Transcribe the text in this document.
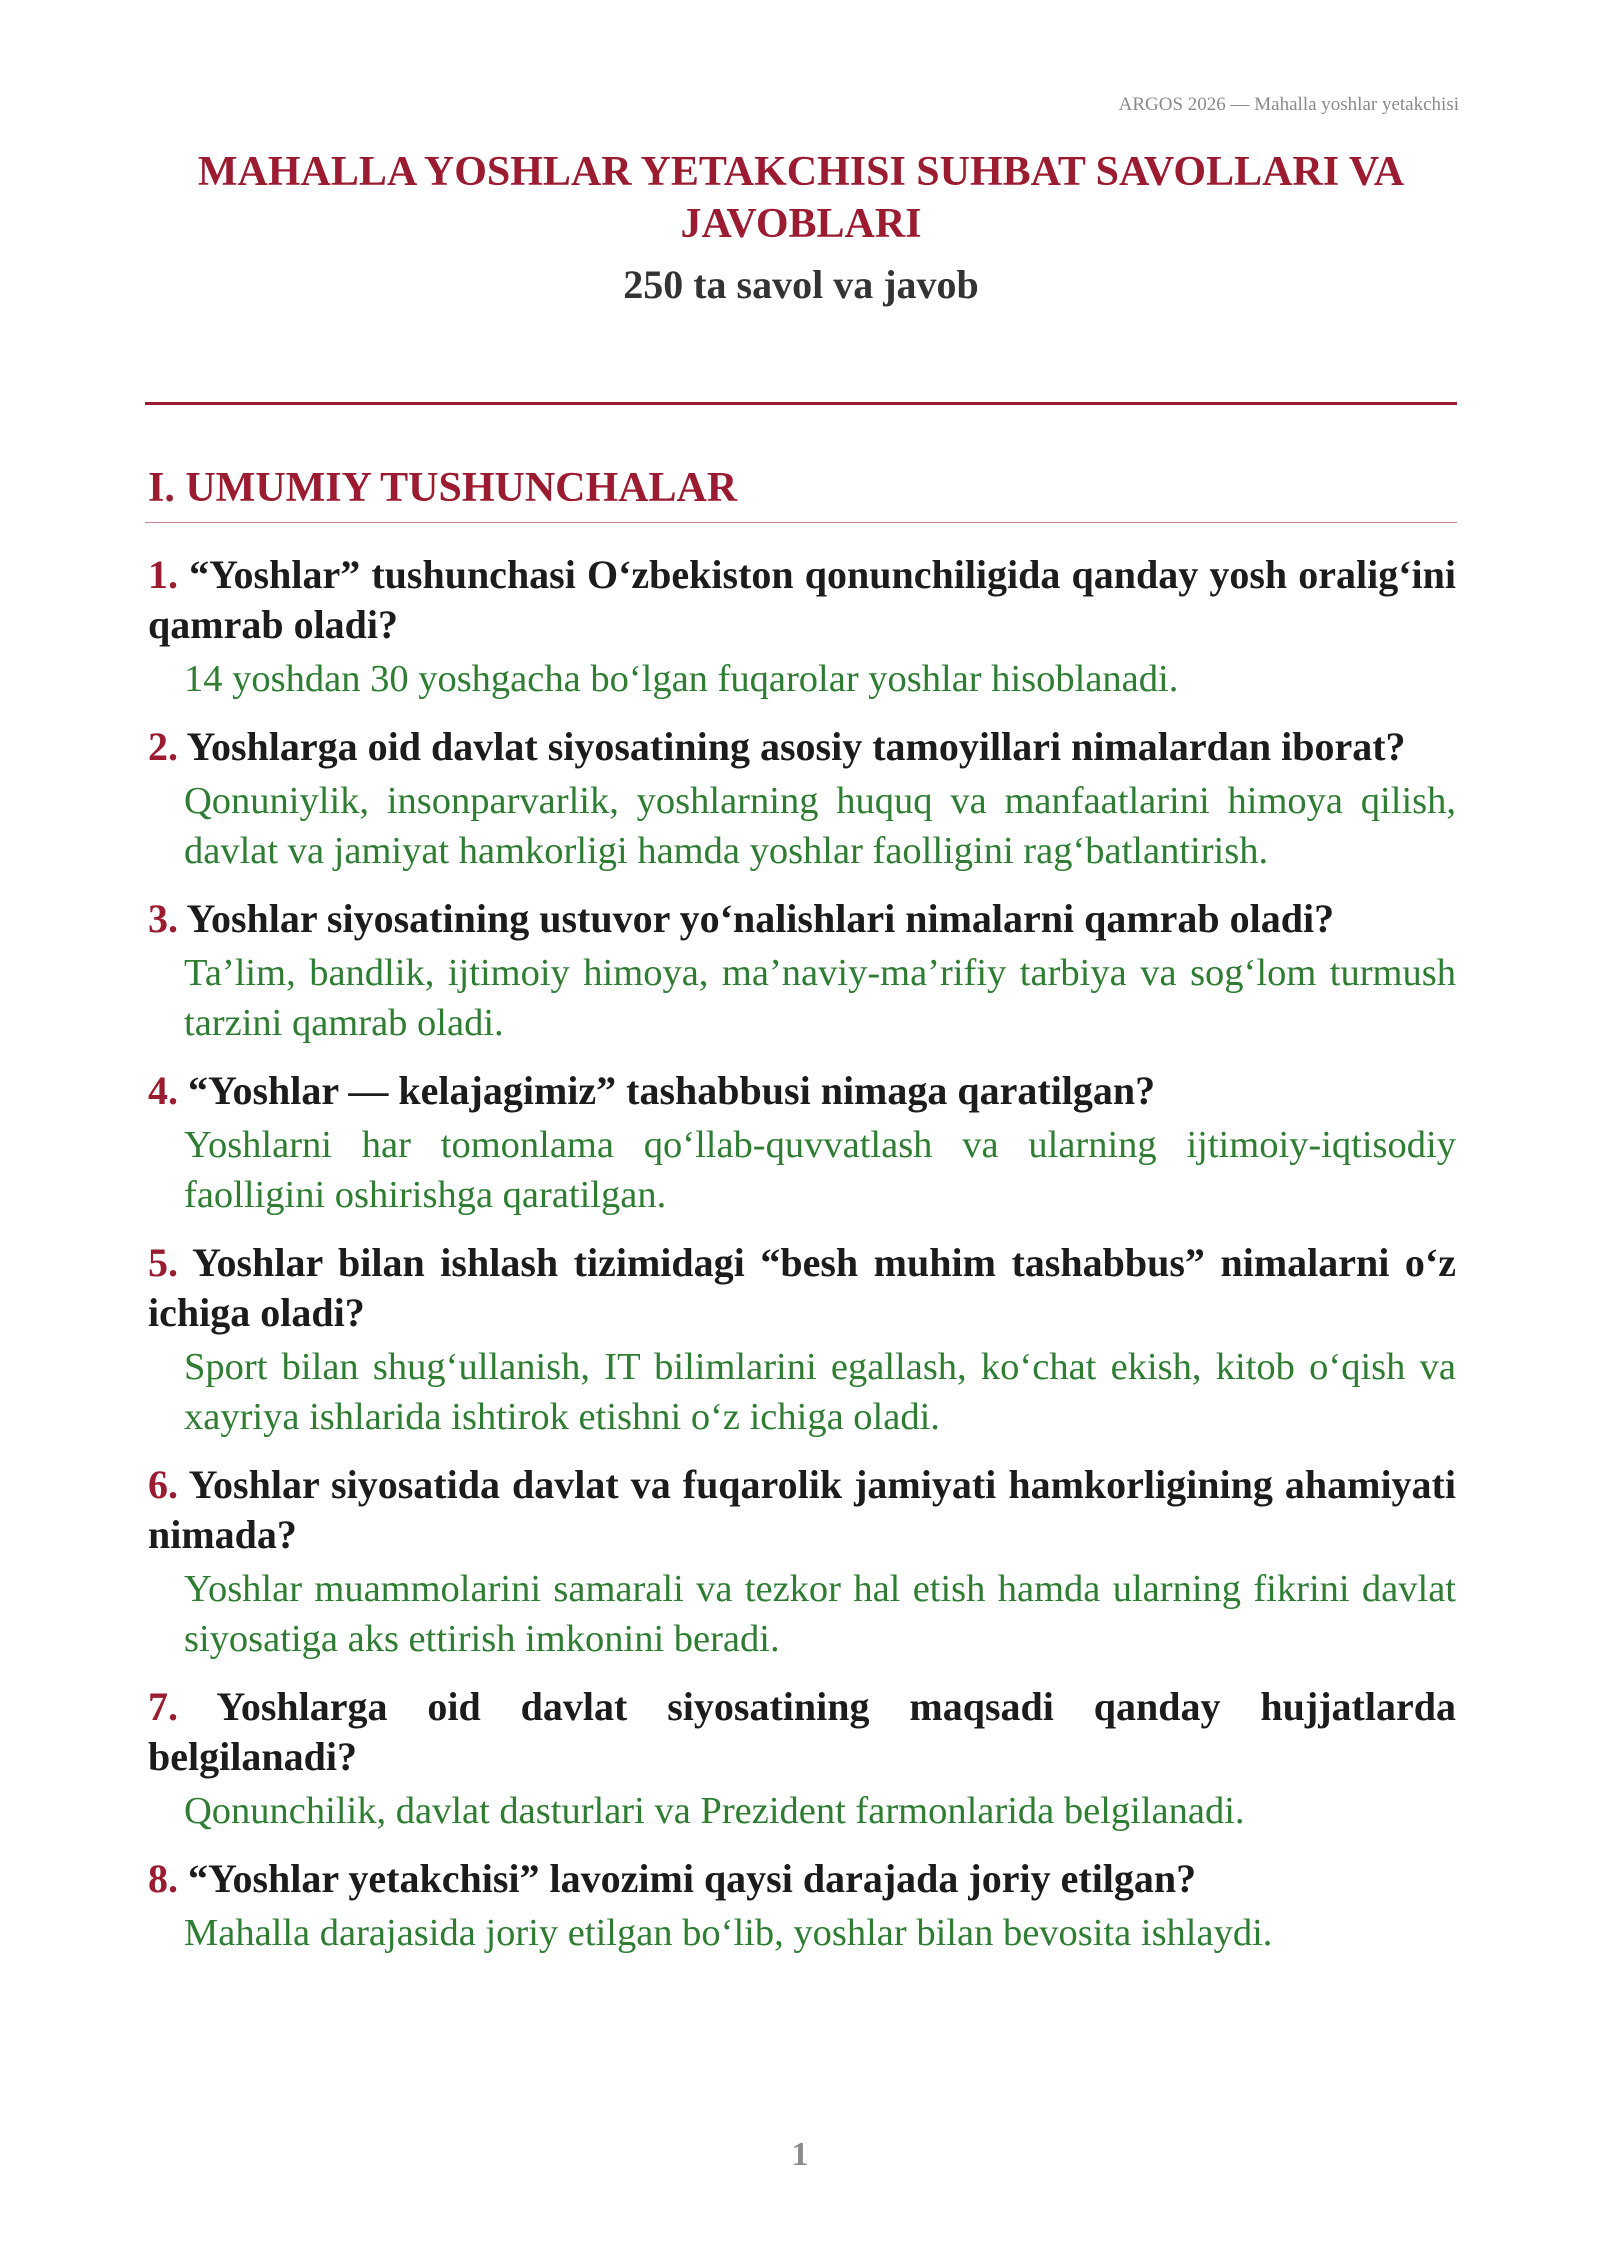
ARGOS 2026 — Mahalla yoshlar yetakchisi
MAHALLA YOSHLAR YETAKCHISI SUHBAT SAVOLLARI VA JAVOBLARI
250 ta savol va javob
I. UMUMIY TUSHUNCHALAR

1. “Yoshlar” tushunchasi O‘zbekiston qonunchiligida qanday yosh oralig‘ini qamrab oladi?

14 yoshdan 30 yoshgacha bo‘lgan fuqarolar yoshlar hisoblanadi.

2. Yoshlarga oid davlat siyosatining asosiy tamoyillari nimalardan iborat?

Qonuniylik, insonparvarlik, yoshlarning huquq va manfaatlarini himoya qilish, davlat va jamiyat hamkorligi hamda yoshlar faolligini rag‘batlantirish.

3. Yoshlar siyosatining ustuvor yo‘nalishlari nimalarni qamrab oladi?

Ta’lim, bandlik, ijtimoiy himoya, ma’naviy-ma’rifiy tarbiya va sog‘lom turmush tarzini qamrab oladi.

4. “Yoshlar — kelajagimiz” tashabbusi nimaga qaratilgan?

Yoshlarni har tomonlama qo‘llab-quvvatlash va ularning ijtimoiy-iqtisodiy faolligini oshirishga qaratilgan.

5. Yoshlar bilan ishlash tizimidagi “besh muhim tashabbus” nimalarni o‘z ichiga oladi?

Sport bilan shug‘ullanish, IT bilimlarini egallash, ko‘chat ekish, kitob o‘qish va xayriya ishlarida ishtirok etishni o‘z ichiga oladi.

6. Yoshlar siyosatida davlat va fuqarolik jamiyati hamkorligining ahamiyati nimada?

Yoshlar muammolarini samarali va tezkor hal etish hamda ularning fikrini davlat siyosatiga aks ettirish imkonini beradi.

7. Yoshlarga oid davlat siyosatining maqsadi qanday hujjatlarda belgilanadi?

Qonunchilik, davlat dasturlari va Prezident farmonlarida belgilanadi.

8. “Yoshlar yetakchisi” lavozimi qaysi darajada joriy etilgan?

Mahalla darajasida joriy etilgan bo‘lib, yoshlar bilan bevosita ishlaydi.

1
